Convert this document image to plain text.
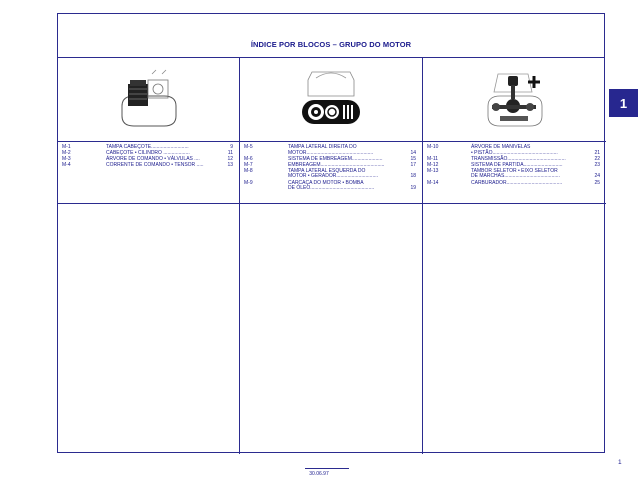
ÍNDICE POR BLOCOS – GRUPO DO MOTOR
M-1	TAMPA CABEÇOTE...........................	9
M-2	CABEÇOTE • CILINDRO ...................	11
M-3	ÁRVORE DE COMANDO • VÁLVULAS ....	12
M-4	CORRENTE DE COMANDO • TENSOR .....	13
M-5	TAMPA LATERAL DIREITA DO
MOTOR................................................	14
M-6	SISTEMA DE EMBREAGEM......................	15
M-7	EMBREAGEM..............................................	17
M-8	TAMPA LATERAL ESQUERDA DO
MOTOR • GERADOR..............................	18
M-9	CARCAÇA DO MOTOR • BOMBA
DE ÓLEO..............................................	19
M-10	ÁRVORE DE MANIVELAS
• PISTÃO...............................................	21
M-11	TRANSMISSÃO..........................................	22
M-12	SISTEMA DE PARTIDA............................	23
M-13	TAMBOR SELETOR • EIXO SELETOR
DE MARCHAS........................................	24
M-14	CARBURADOR........................................	25
1
1
30.06.97
